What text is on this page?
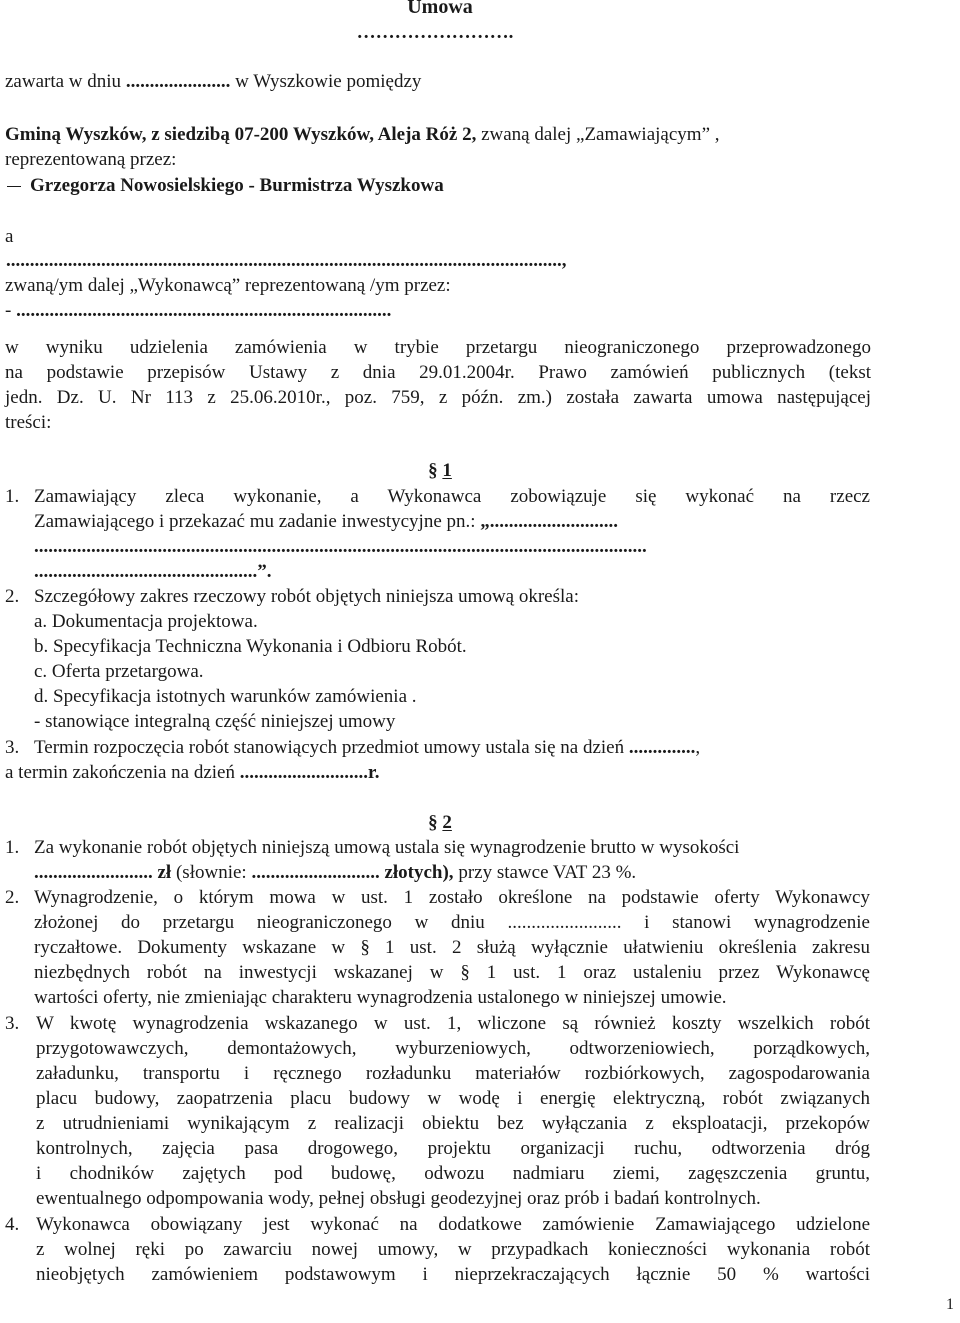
Umowa
…………………….
zawarta w dniu ...................... w Wyszkowie pomiędzy
Gminą Wyszków, z siedzibą 07-200 Wyszków, Aleja Róż 2, zwaną dalej „Zamawiającym” ,
reprezentowaną przez:
Grzegorza Nowosielskiego - Burmistrza Wyszkowa
a
.....................................................................................................................,
zwaną/ym dalej „Wykonawcą” reprezentowaną /ym przez:
- ...............................................................................
w wyniku udzielenia zamówienia w trybie przetargu nieograniczonego przeprowadzonego
na podstawie przepisów Ustawy z dnia 29.01.2004r. Prawo zamówień publicznych (tekst
jedn. Dz. U. Nr 113 z 25.06.2010r., poz. 759, z późn. zm.) została zawarta umowa następującej
treści:
§ 1
1. Zamawiający zleca wykonanie, a Wykonawca zobowiązuje się wykonać na rzecz
Zamawiającego i przekazać mu zadanie inwestycyjne pn.: „...........................
.................................................................................................................................
...............................................”.
2. Szczegółowy zakres rzeczowy robót objętych niniejsza umową określa:
a. Dokumentacja projektowa.
b. Specyfikacja Techniczna Wykonania i Odbioru Robót.
c. Oferta przetargowa.
d. Specyfikacja istotnych warunków zamówienia .
- stanowiące integralną część niniejszej umowy
3. Termin rozpoczęcia robót stanowiących przedmiot umowy ustala się na dzień ..............,
a termin zakończenia na dzień ...........................r.
§ 2
1. Za wykonanie robót objętych niniejszą umową ustala się wynagrodzenie brutto w wysokości
......................... zł (słownie: ........................... złotych), przy stawce VAT 23 %.
2. Wynagrodzenie, o którym mowa w ust. 1 zostało określone na podstawie oferty Wykonawcy
złożonej do przetargu nieograniczonego w dniu ........................ i stanowi wynagrodzenie
ryczałtowe. Dokumenty wskazane w § 1 ust. 2 służą wyłącznie ułatwieniu określenia zakresu
niezbędnych robót na inwestycji wskazanej w § 1 ust. 1 oraz ustaleniu przez Wykonawcę
wartości oferty, nie zmieniając charakteru wynagrodzenia ustalonego w niniejszej umowie.
3. W kwotę wynagrodzenia wskazanego w ust. 1, wliczone są również koszty wszelkich robót
przygotowawczych, demontażowych, wyburzeniowych, odtworzeniowiech, porządkowych,
załadunku, transportu i ręcznego rozładunku materiałów rozbiórkowych, zagospodarowania
placu budowy, zaopatrzenia placu budowy w wodę i energię elektryczną, robót związanych
z utrudnieniami wynikającym z realizacji obiektu bez wyłączania z eksploatacji, przekopów
kontrolnych, zajęcia pasa drogowego, projektu organizacji ruchu, odtworzenia dróg
i chodników zajętych pod budowę, odwozu nadmiaru ziemi, zagęszczenia gruntu,
ewentualnego odpompowania wody, pełnej obsługi geodezyjnej oraz prób i badań kontrolnych.
4. Wykonawca obowiązany jest wykonać na dodatkowe zamówienie Zamawiającego udzielone
z wolnej ręki po zawarciu nowej umowy, w przypadkach konieczności wykonania robót
nieobjętych zamówieniem podstawowym i nieprzekraczających łącznie 50 % wartości
1
